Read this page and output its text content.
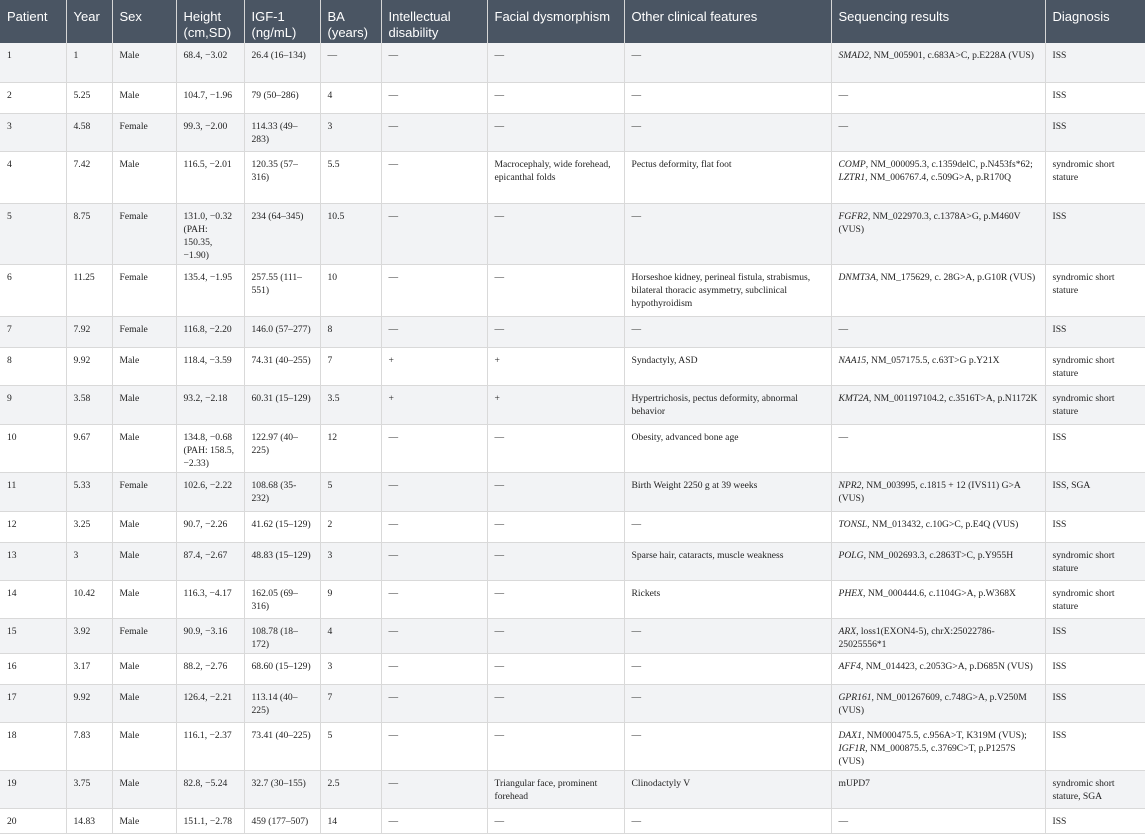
Patient	Year	Sex	Height (cm,SD)	IGF-1 (ng/mL)	BA (years)	Intellectual disability	Facial dysmorphism	Other clinical features	Sequencing results	Diagnosis
1	1	Male	68.4, −3.02	26.4 (16–134)	—	—	—	—	SMAD2, NM_005901, c.683A>C, p.E228A (VUS)	ISS
2	5.25	Male	104.7, −1.96	79 (50–286)	4	—	—	—	—	ISS
3	4.58	Female	99.3, −2.00	114.33 (49–283)	3	—	—	—	—	ISS
4	7.42	Male	116.5, −2.01	120.35 (57–316)	5.5	—	Macrocephaly, wide forehead, epicanthal folds	Pectus deformity, flat foot	COMP, NM_000095.3, c.1359delC, p.N453fs*62;
LZTR1, NM_006767.4, c.509G>A, p.R170Q	syndromic short stature
5	8.75	Female	131.0, −0.32 (PAH: 150.35, −1.90)	234 (64–345)	10.5	—	—	—	FGFR2, NM_022970.3, c.1378A>G, p.M460V (VUS)	ISS
6	11.25	Female	135.4, −1.95	257.55 (111–551)	10	—	—	Horseshoe kidney, perineal fistula, strabismus, bilateral thoracic asymmetry, subclinical hypothyroidism	DNMT3A, NM_175629, c. 28G>A, p.G10R (VUS)	syndromic short stature
7	7.92	Female	116.8, −2.20	146.0 (57–277)	8	—	—	—	—	ISS
8	9.92	Male	118.4, −3.59	74.31 (40–255)	7	+	+	Syndactyly, ASD	NAA15, NM_057175.5, c.63T>G p.Y21X	syndromic short stature
9	3.58	Male	93.2, −2.18	60.31 (15–129)	3.5	+	+	Hypertrichosis, pectus deformity, abnormal behavior	KMT2A, NM_001197104.2, c.3516T>A, p.N1172K	syndromic short stature
10	9.67	Male	134.8, −0.68 (PAH: 158.5, −2.33)	122.97 (40–225)	12	—	—	Obesity, advanced bone age	—	ISS
11	5.33	Female	102.6, −2.22	108.68 (35-232)	5	—	—	Birth Weight 2250 g at 39 weeks	NPR2, NM_003995, c.1815 + 12 (IVS11) G>A (VUS)	ISS, SGA
12	3.25	Male	90.7, −2.26	41.62 (15–129)	2	—	—	—	TONSL, NM_013432, c.10G>C, p.E4Q (VUS)	ISS
13	3	Male	87.4, −2.67	48.83 (15–129)	3	—	—	Sparse hair, cataracts, muscle weakness	POLG, NM_002693.3, c.2863T>C, p.Y955H	syndromic short stature
14	10.42	Male	116.3, −4.17	162.05 (69–316)	9	—	—	Rickets	PHEX, NM_000444.6, c.1104G>A, p.W368X	syndromic short stature
15	3.92	Female	90.9, −3.16	108.78 (18–172)	4	—	—	—	ARX, loss1(EXON4-5), chrX:25022786-25025556*1	ISS
16	3.17	Male	88.2, −2.76	68.60 (15–129)	3	—	—	—	AFF4, NM_014423, c.2053G>A, p.D685N (VUS)	ISS
17	9.92	Male	126.4, −2.21	113.14 (40–225)	7	—	—	—	GPR161, NM_001267609, c.748G>A, p.V250M (VUS)	ISS
18	7.83	Male	116.1, −2.37	73.41 (40–225)	5	—	—	—	DAX1, NM000475.5, c.956A>T, K319M (VUS);
IGF1R, NM_000875.5, c.3769C>T, p.P1257S (VUS)	ISS
19	3.75	Male	82.8, −5.24	32.7 (30–155)	2.5	—	Triangular face, prominent forehead	Clinodactyly V	mUPD7	syndromic short stature, SGA
20	14.83	Male	151.1, −2.78	459 (177–507)	14	—	—	—	—	ISS
